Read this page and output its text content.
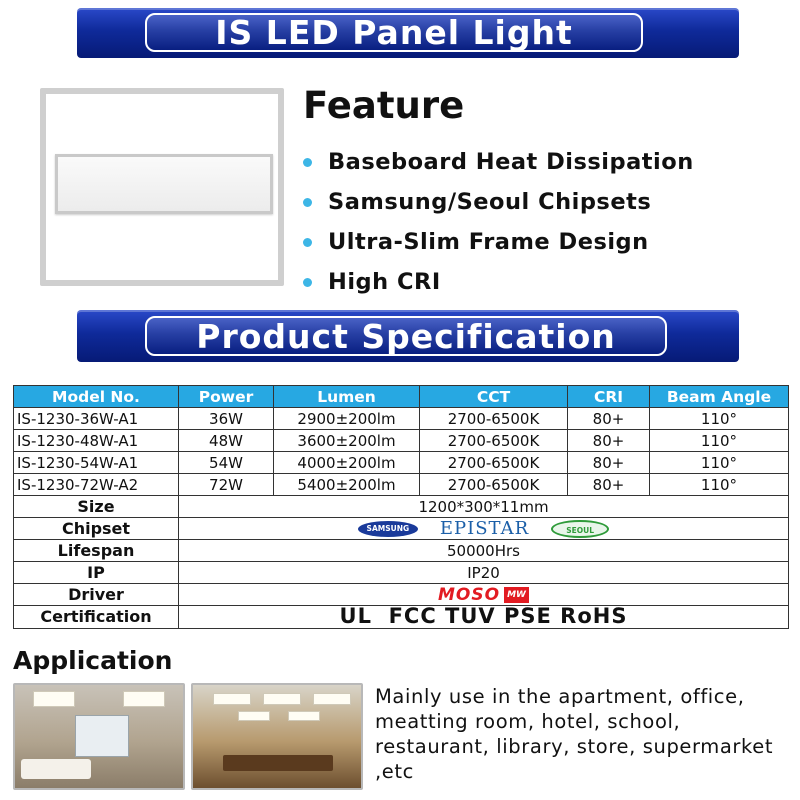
IS LED Panel Light
Feature
Baseboard Heat Dissipation
Samsung/Seoul Chipsets
Ultra-Slim Frame Design
High CRI
Product Specification
Model No.	Power	Lumen	CCT	CRI	Beam Angle
IS-1230-36W-A1	36W	2900±200lm	2700-6500K	80+	110°
IS-1230-48W-A1	48W	3600±200lm	2700-6500K	80+	110°
IS-1230-54W-A1	54W	4000±200lm	2700-6500K	80+	110°
IS-1230-72W-A2	72W	5400±200lm	2700-6500K	80+	110°
Size	1200*300*11mm				
Chipset	SAMSUNG EPISTAR SEOUL				

Lifespan	50000Hrs				
IP	IP20				
Driver	MOSO MW				

Certification	UL  FCC TUV PSE RoHS				
Application
Mainly use in the apartment, office, meatting room, hotel, school, restaurant, library, store, supermarket ,etc
